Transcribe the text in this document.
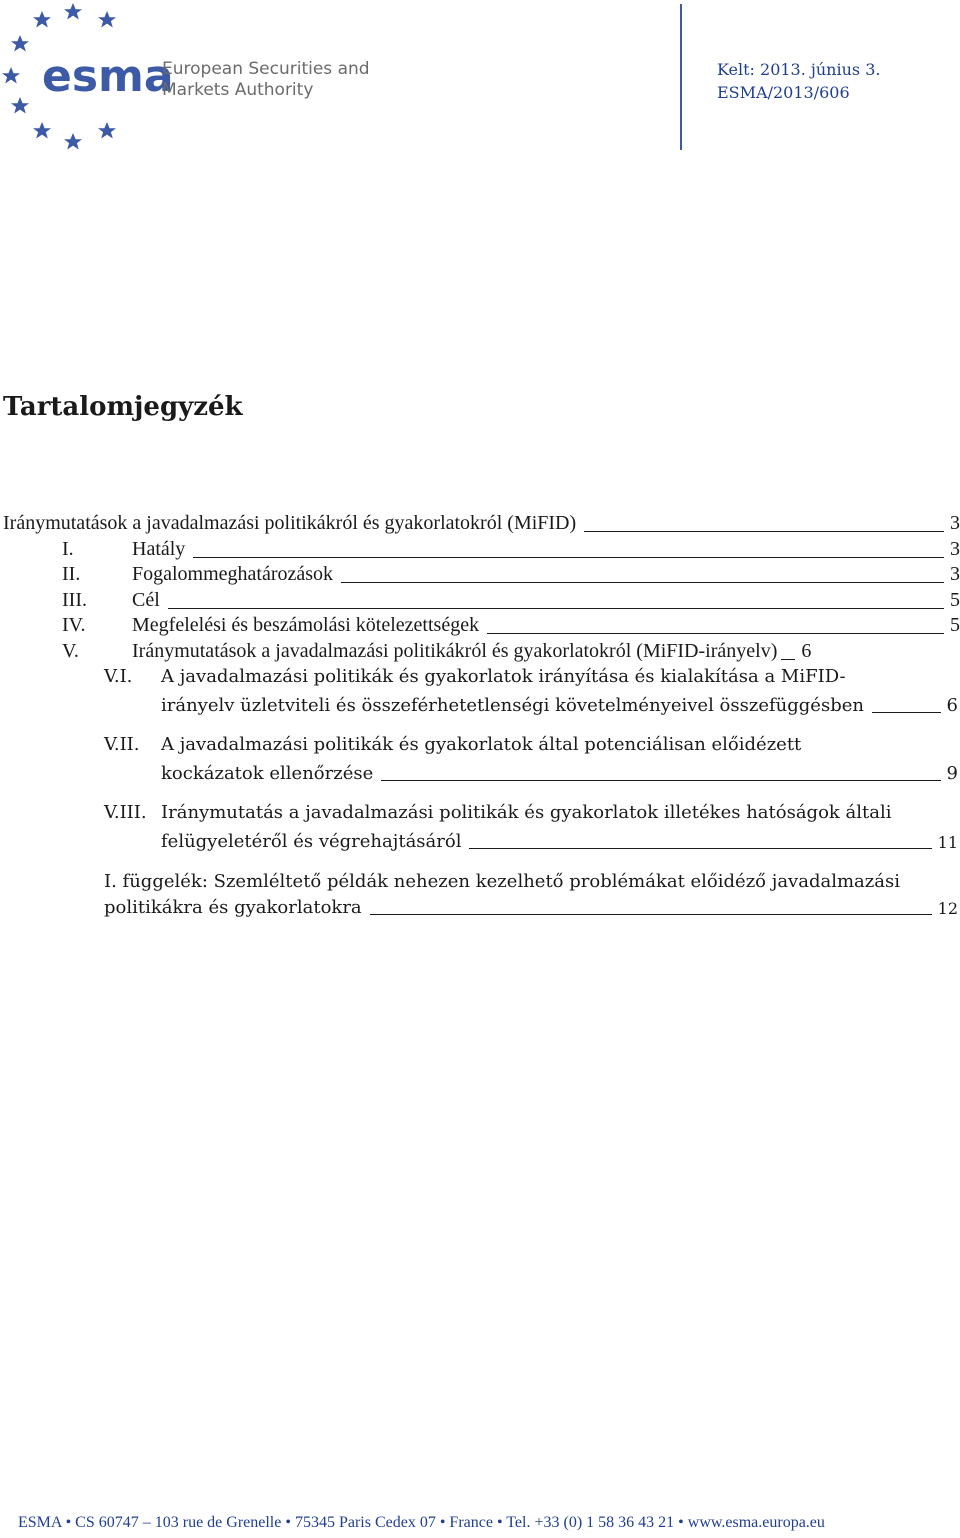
esma
European Securities and
Markets Authority
Kelt: 2013. június 3.
ESMA/2013/606
Tartalomjegyzék
Iránymutatások a javadalmazási politikákról és gyakorlatokról (MiFID)	3
I.	Hatály	3
II.	Fogalommeghatározások	3
III.	Cél	5
IV.	Megfelelési és beszámolási kötelezettségek	5
V.	Iránymutatások a javadalmazási politikákról és gyakorlatokról (MiFID-irányelv) 6
V.I. A javadalmazási politikák és gyakorlatok irányítása és kialakítása a MiFID-
irányelv üzletviteli és összeférhetetlenségi követelményeivel összefüggésben	6
V.II. A javadalmazási politikák és gyakorlatok által potenciálisan előidézett
kockázatok ellenőrzése	9
V.III. Iránymutatás a javadalmazási politikák és gyakorlatok illetékes hatóságok általi
felügyeletéről és végrehajtásáról	11
I. függelék: Szemléltető példák nehezen kezelhető problémákat előidéző javadalmazási
politikákra és gyakorlatokra	12
ESMA • CS 60747 – 103 rue de Grenelle • 75345 Paris Cedex 07 • France • Tel. +33 (0) 1 58 36 43 21 • www.esma.europa.eu
